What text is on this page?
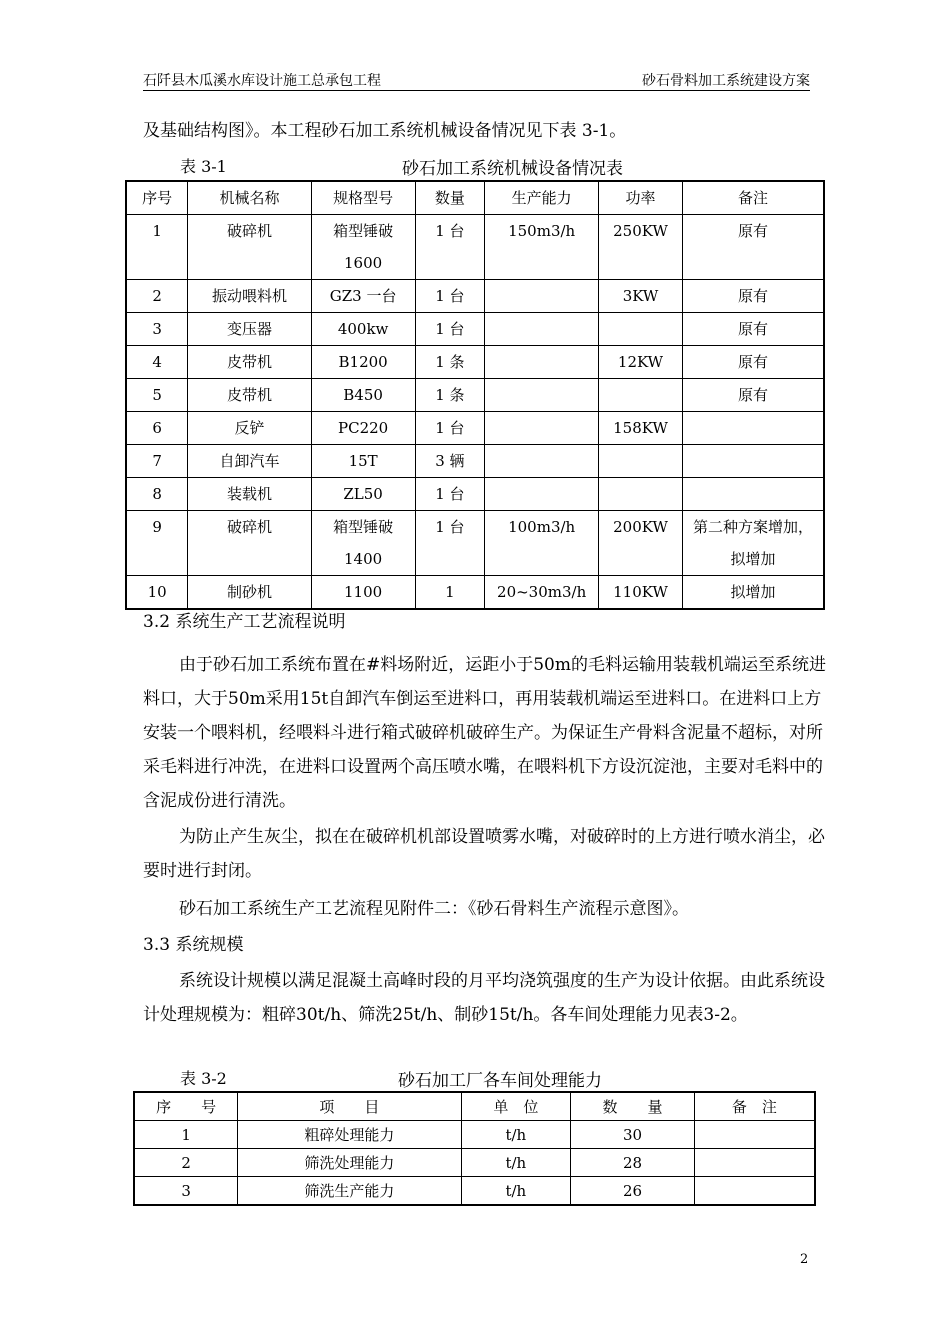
石阡县木瓜溪水库设计施工总承包工程	砂石骨料加工系统建设方案
及基础结构图》。本工程砂石加工系统机械设备情况见下表 3-1。
表 3-1	砂石加工系统机械设备情况表
序号	机械名称	规格型号	数量	生产能力	功率	备注
1	破碎机	箱型锤破 1600	1 台	150m3/h	250KW	原有
2	振动喂料机	GZ3 一台	1 台		3KW	原有
3	变压器	400kw	1 台			原有
4	皮带机	B1200	1 条		12KW	原有
5	皮带机	B450	1 条			原有
6	反铲	PC220	1 台		158KW	
7	自卸汽车	15T	3 辆			
8	装载机	ZL50	1 台			
9	破碎机	箱型锤破 1400	1 台	100m3/h	200KW	第二种方案增加，拟增加
10	制砂机	1100	1	20~30m3/h	110KW	拟增加
3.2 系统生产工艺流程说明
由于砂石加工系统布置在#料场附近，运距小于50m的毛料运输用装载机端运至系统进料口，大于50m采用15t自卸汽车倒运至进料口，再用装载机端运至进料口。在进料口上方安装一个喂料机，经喂料斗进行箱式破碎机破碎生产。为保证生产骨料含泥量不超标，对所采毛料进行冲洗，在进料口设置两个高压喷水嘴，在喂料机下方设沉淀池，主要对毛料中的含泥成份进行清洗。
为防止产生灰尘，拟在在破碎机机部设置喷雾水嘴，对破碎时的上方进行喷水消尘，必要时进行封闭。
砂石加工系统生产工艺流程见附件二：《砂石骨料生产流程示意图》。
3.3 系统规模
系统设计规模以满足混凝土高峰时段的月平均浇筑强度的生产为设计依据。由此系统设计处理规模为：粗碎30t/h、筛洗25t/h、制砂15t/h。各车间处理能力见表3-2。
表 3-2	砂石加工厂各车间处理能力
序　　号	项　　目	单　位	数　　量	备　注
1	粗碎处理能力	t/h	30	
2	筛洗处理能力	t/h	28	
3	筛洗生产能力	t/h	26	
2
